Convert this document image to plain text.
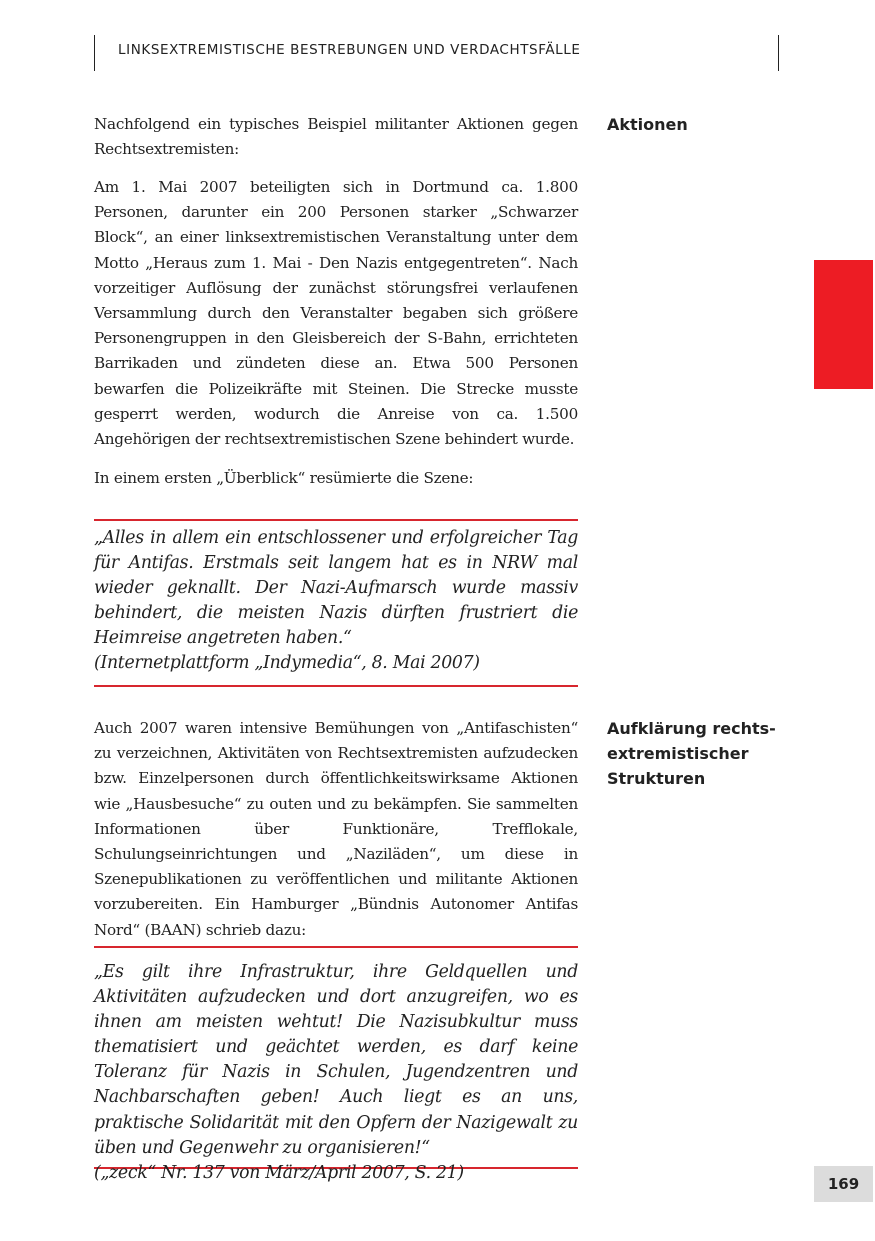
LINKSEXTREMISTISCHE BESTREBUNGEN UND VERDACHTSFÄLLE

Nachfolgend ein typisches Beispiel militanter Aktionen gegen Rechtsextremisten:

Am 1. Mai 2007 beteiligten sich in Dortmund ca. 1.800 Personen, darunter ein 200 Personen starker „Schwarzer Block“, an einer linksextremistischen Veranstaltung unter dem Motto „Heraus zum 1. Mai - Den Nazis entgegentreten“. Nach vorzeitiger Auflösung der zunächst störungsfrei verlaufenen Versammlung durch den Veranstalter begaben sich größere Personengruppen in den Gleisbereich der S-Bahn, errichteten Barrikaden und zündeten diese an. Etwa 500 Personen bewarfen die Polizeikräfte mit Steinen. Die Strecke musste gesperrt werden, wodurch die Anreise von ca. 1.500 Angehörigen der rechtsextremistischen Szene behindert wurde.

In einem ersten „Überblick“ resümierte die Szene:

„Alles in allem ein entschlossener und erfolgreicher Tag für Antifas. Erstmals seit langem hat es in NRW mal wieder geknallt. Der Nazi-Aufmarsch wurde massiv behindert, die meisten Nazis dürften frustriert die Heimreise angetreten haben.“

(Internetplattform „Indymedia“, 8. Mai 2007)

Aktionen

Auch 2007 waren intensive Bemühungen von „Antifaschisten“ zu verzeichnen, Aktivitäten von Rechtsextremisten aufzudecken bzw. Einzelpersonen durch öffentlichkeitswirksame Aktionen wie „Hausbesuche“ zu outen und zu bekämpfen. Sie sammelten Informationen über Funktionäre, Trefflokale, Schulungseinrichtungen und „Naziläden“, um diese in Szenepublikationen zu veröffentlichen und militante Aktionen vorzubereiten. Ein Hamburger „Bündnis Autonomer Antifas Nord“ (BAAN) schrieb dazu:

Aufklärung rechts-
extremistischer
Strukturen

„Es gilt ihre Infrastruktur, ihre Geldquellen und Aktivitäten aufzudecken und dort anzugreifen, wo es ihnen am meisten wehtut! Die Nazisubkultur muss thematisiert und geächtet werden, es darf keine Toleranz für Nazis in Schulen, Jugendzentren und Nachbarschaften geben! Auch liegt es an uns, praktische Solidarität mit den Opfern der Nazigewalt zu üben und Gegenwehr zu organisieren!“

(„zeck“ Nr. 137 von März/April 2007, S. 21)

169
